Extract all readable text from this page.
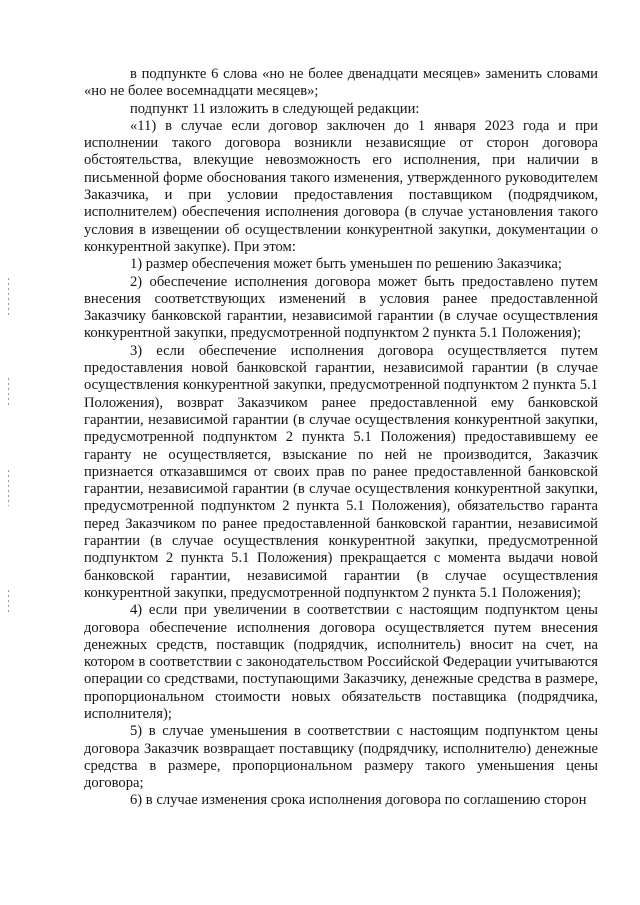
в подпункте 6 слова «но не более двенадцати месяцев» заменить словами «но не более восемнадцати месяцев»;

подпункт 11 изложить в следующей редакции:

«11) в случае если договор заключен до 1 января 2023 года и при исполнении такого договора возникли независящие от сторон договора обстоятельства, влекущие невозможность его исполнения, при наличии в письменной форме обоснования такого изменения, утвержденного руководителем Заказчика, и при условии предоставления поставщиком (подрядчиком, исполнителем) обеспечения исполнения договора (в случае установления такого условия в извещении об осуществлении конкурентной закупки, документации о конкурентной закупке). При этом:

1) размер обеспечения может быть уменьшен по решению Заказчика;

2) обеспечение исполнения договора может быть предоставлено путем внесения соответствующих изменений в условия ранее предоставленной Заказчику банковской гарантии, независимой гарантии (в случае осуществления конкурентной закупки, предусмотренной подпунктом 2 пункта 5.1 Положения);

3) если обеспечение исполнения договора осуществляется путем предоставления новой банковской гарантии, независимой гарантии (в случае осуществления конкурентной закупки, предусмотренной подпунктом 2 пункта 5.1 Положения), возврат Заказчиком ранее предоставленной ему банковской гарантии, независимой гарантии (в случае осуществления конкурентной закупки, предусмотренной подпунктом 2 пункта 5.1 Положения) предоставившему ее гаранту не осуществляется, взыскание по ней не производится, Заказчик признается отказавшимся от своих прав по ранее предоставленной банковской гарантии, независимой гарантии (в случае осуществления конкурентной закупки, предусмотренной подпунктом 2 пункта 5.1 Положения), обязательство гаранта перед Заказчиком по ранее предоставленной банковской гарантии, независимой гарантии (в случае осуществления конкурентной закупки, предусмотренной подпунктом 2 пункта 5.1 Положения) прекращается с момента выдачи новой банковской гарантии, независимой гарантии (в случае осуществления конкурентной закупки, предусмотренной подпунктом 2 пункта 5.1 Положения);

4) если при увеличении в соответствии с настоящим подпунктом цены договора обеспечение исполнения договора осуществляется путем внесения денежных средств, поставщик (подрядчик, исполнитель) вносит на счет, на котором в соответствии с законодательством Российской Федерации учитываются операции со средствами, поступающими Заказчику, денежные средства в размере, пропорциональном стоимости новых обязательств поставщика (подрядчика, исполнителя);

5) в случае уменьшения в соответствии с настоящим подпунктом цены договора Заказчик возвращает поставщику (подрядчику, исполнителю) денежные средства в размере, пропорциональном размеру такого уменьшения цены договора;

6) в случае изменения срока исполнения договора по соглашению сторон
